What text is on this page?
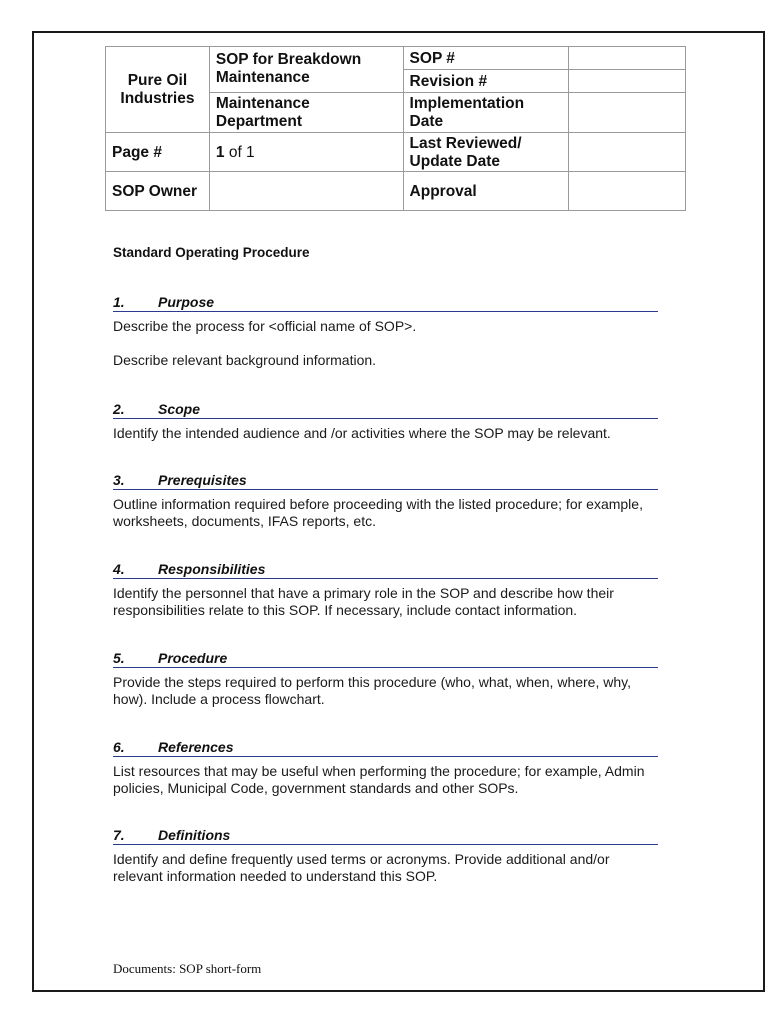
Pure Oil Industries	SOP for Breakdown Maintenance	SOP #	
		Revision #	
	Maintenance Department	Implementation Date	
Page #	1 of 1	Last Reviewed/ Update Date	
SOP Owner		Approval	
Standard Operating Procedure
1.	Purpose

Describe the process for <official name of SOP>.

Describe relevant background information.

2.	Scope

Identify the intended audience and /or activities where the SOP may be relevant.

3.	Prerequisites

Outline information required before proceeding with the listed procedure; for example, worksheets, documents, IFAS reports, etc.

4.	Responsibilities

Identify the personnel that have a primary role in the SOP and describe how their responsibilities relate to this SOP. If necessary, include contact information.

5.	Procedure

Provide the steps required to perform this procedure (who, what, when, where, why, how). Include a process flowchart.

6.	References

List resources that may be useful when performing the procedure; for example, Admin policies, Municipal Code, government standards and other SOPs.

7.	Definitions

Identify and define frequently used terms or acronyms. Provide additional and/or relevant information needed to understand this SOP.

Documents: SOP short-form
